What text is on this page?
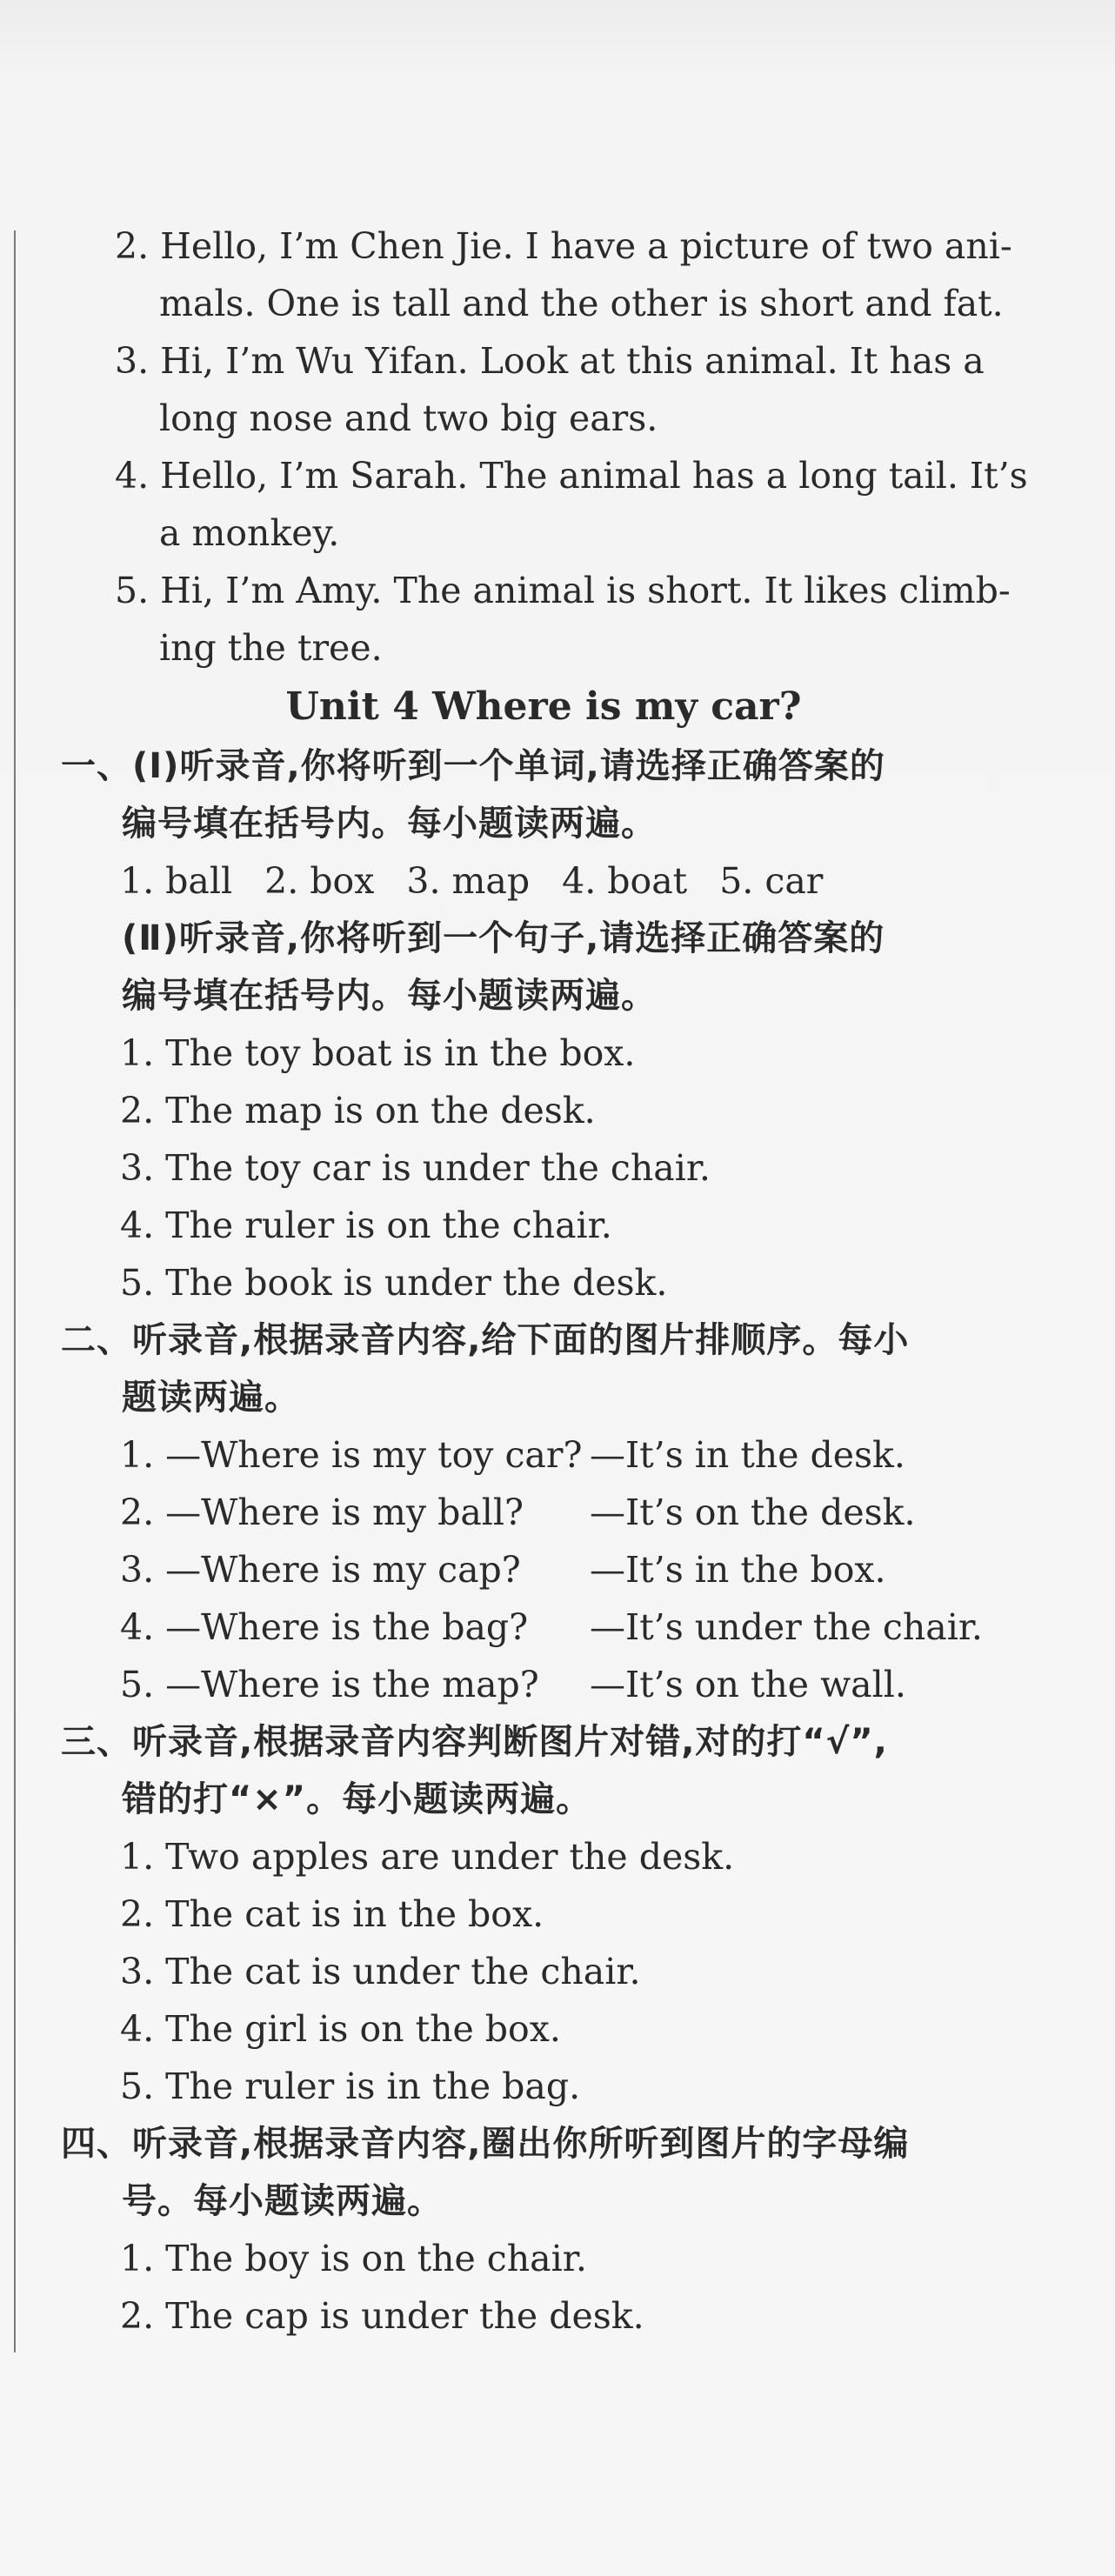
2. Hello, I’m Chen Jie. I have a picture of two ani-
mals. One is tall and the other is short and fat.
3. Hi, I’m Wu Yifan. Look at this animal. It has a
long nose and two big ears.
4. Hello, I’m Sarah. The animal has a long tail. It’s
a monkey.
5. Hi, I’m Amy. The animal is short. It likes climb-
ing the tree.
Unit 4 Where is my car?
一、(Ⅰ)听录音,你将听到一个单词,请选择正确答案的
编号填在括号内。每小题读两遍。
1. ball 2. box 3. map 4. boat 5. car
(Ⅱ)听录音,你将听到一个句子,请选择正确答案的
编号填在括号内。每小题读两遍。
1. The toy boat is in the box.
2. The map is on the desk.
3. The toy car is under the chair.
4. The ruler is on the chair.
5. The book is under the desk.
二、听录音,根据录音内容,给下面的图片排顺序。每小
题读两遍。
1. —Where is my toy car? —It’s in the desk.
2. —Where is my ball? —It’s on the desk.
3. —Where is my cap? —It’s in the box.
4. —Where is the bag? —It’s under the chair.
5. —Where is the map? —It’s on the wall.
三、听录音,根据录音内容判断图片对错,对的打“√”,
错的打“×”。每小题读两遍。
1. Two apples are under the desk.
2. The cat is in the box.
3. The cat is under the chair.
4. The girl is on the box.
5. The ruler is in the bag.
四、听录音,根据录音内容,圈出你所听到图片的字母编
号。每小题读两遍。
1. The boy is on the chair.
2. The cap is under the desk.
